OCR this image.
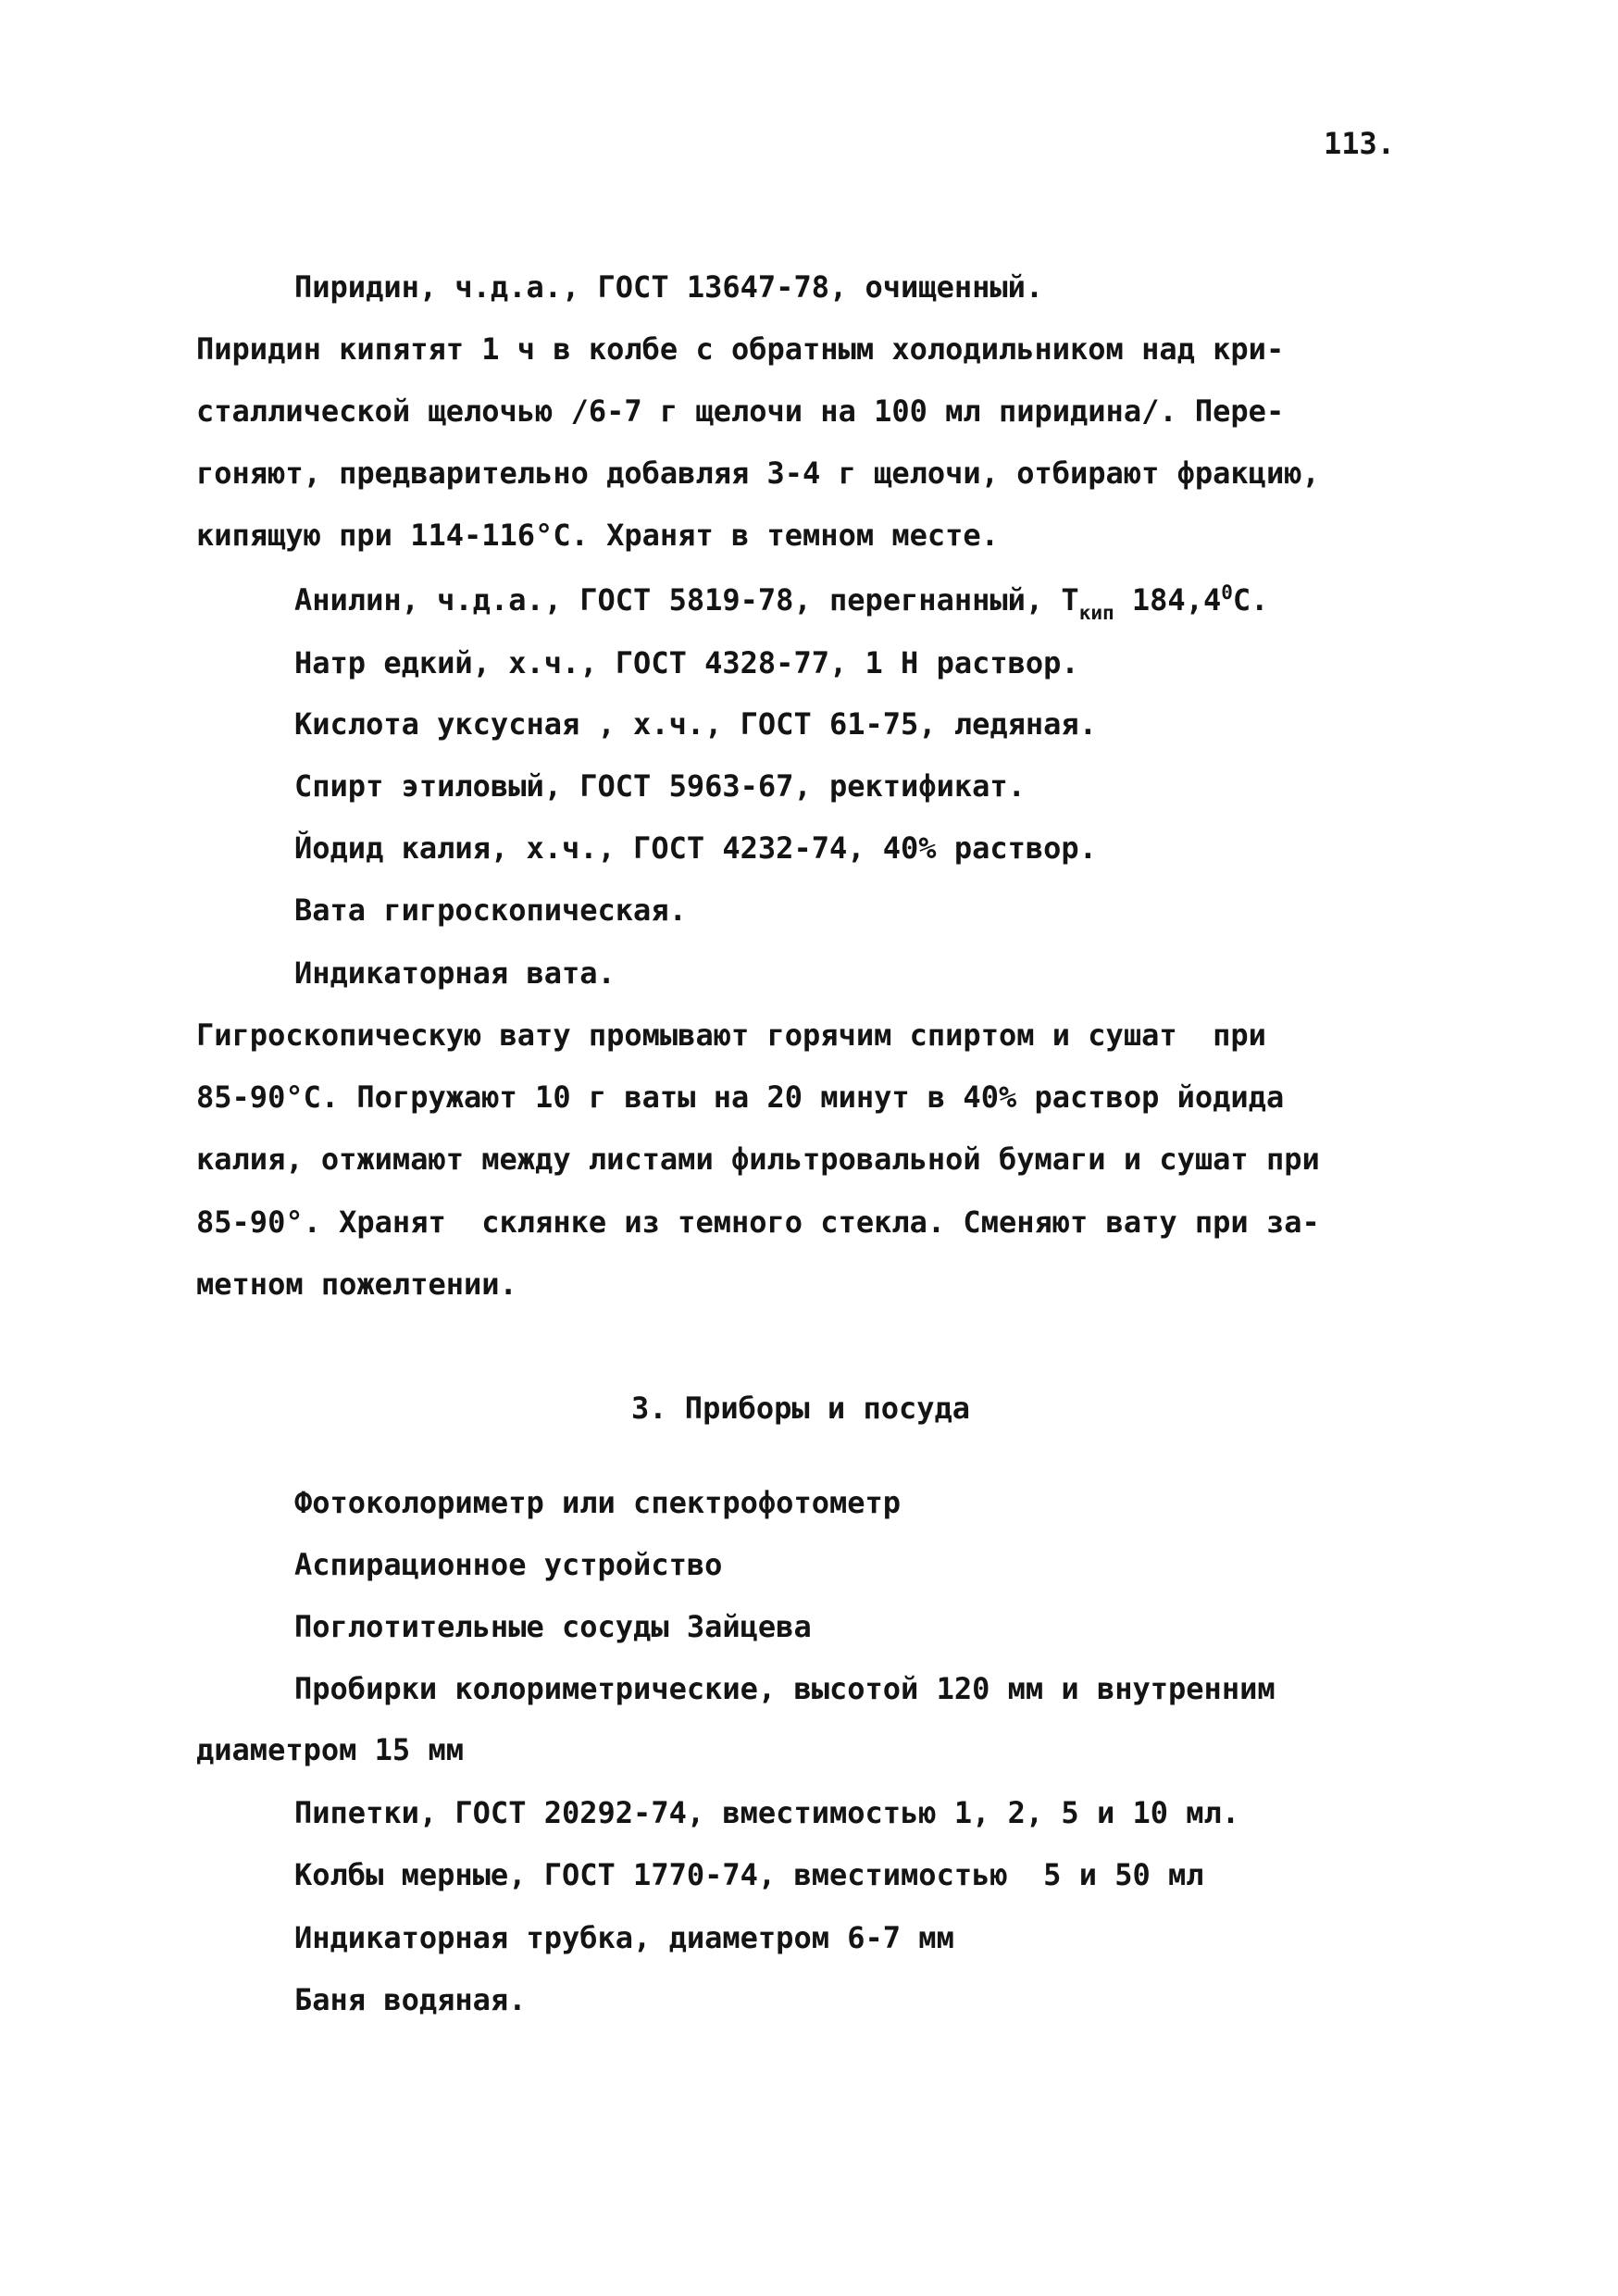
113.
Пиридин, ч.д.а., ГОСТ 13647-78, очищенный.
Пиридин кипятят 1 ч в колбе с обратным холодильником над кри-
сталлической щелочью /6-7 г щелочи на 100 мл пиридина/. Пере-
гоняют, предварительно добавляя 3-4 г щелочи, отбирают фракцию,
кипящую при 114-116°С. Хранят в темном месте.
Анилин, ч.д.а., ГОСТ 5819-78, перегнанный, $Т_{кип}$ 184,4$^0$С.
Натр едкий, х.ч., ГОСТ 4328-77, 1 Н раствор.
Кислота уксусная , х.ч., ГОСТ 61-75, ледяная.
Спирт этиловый, ГОСТ 5963-67, ректификат.
Йодид калия, х.ч., ГОСТ 4232-74, 40% раствор.
Вата гигроскопическая.
Индикаторная вата.
Гигроскопическую вату промывают горячим спиртом и сушат  при
85-90°С. Погружают 10 г ваты на 20 минут в 40% раствор йодида
калия, отжимают между листами фильтровальной бумаги и сушат при
85-90°. Хранят  склянке из темного стекла. Сменяют вату при за-
метном пожелтении.
3. Приборы и посуда
Фотоколориметр или спектрофотометр
Аспирационное устройство
Поглотительные сосуды Зайцева
Пробирки колориметрические, высотой 120 мм и внутренним
диаметром 15 мм
Пипетки, ГОСТ 20292-74, вместимостью 1, 2, 5 и 10 мл.
Колбы мерные, ГОСТ 1770-74, вместимостью  5 и 50 мл
Индикаторная трубка, диаметром 6-7 мм
Баня водяная.
